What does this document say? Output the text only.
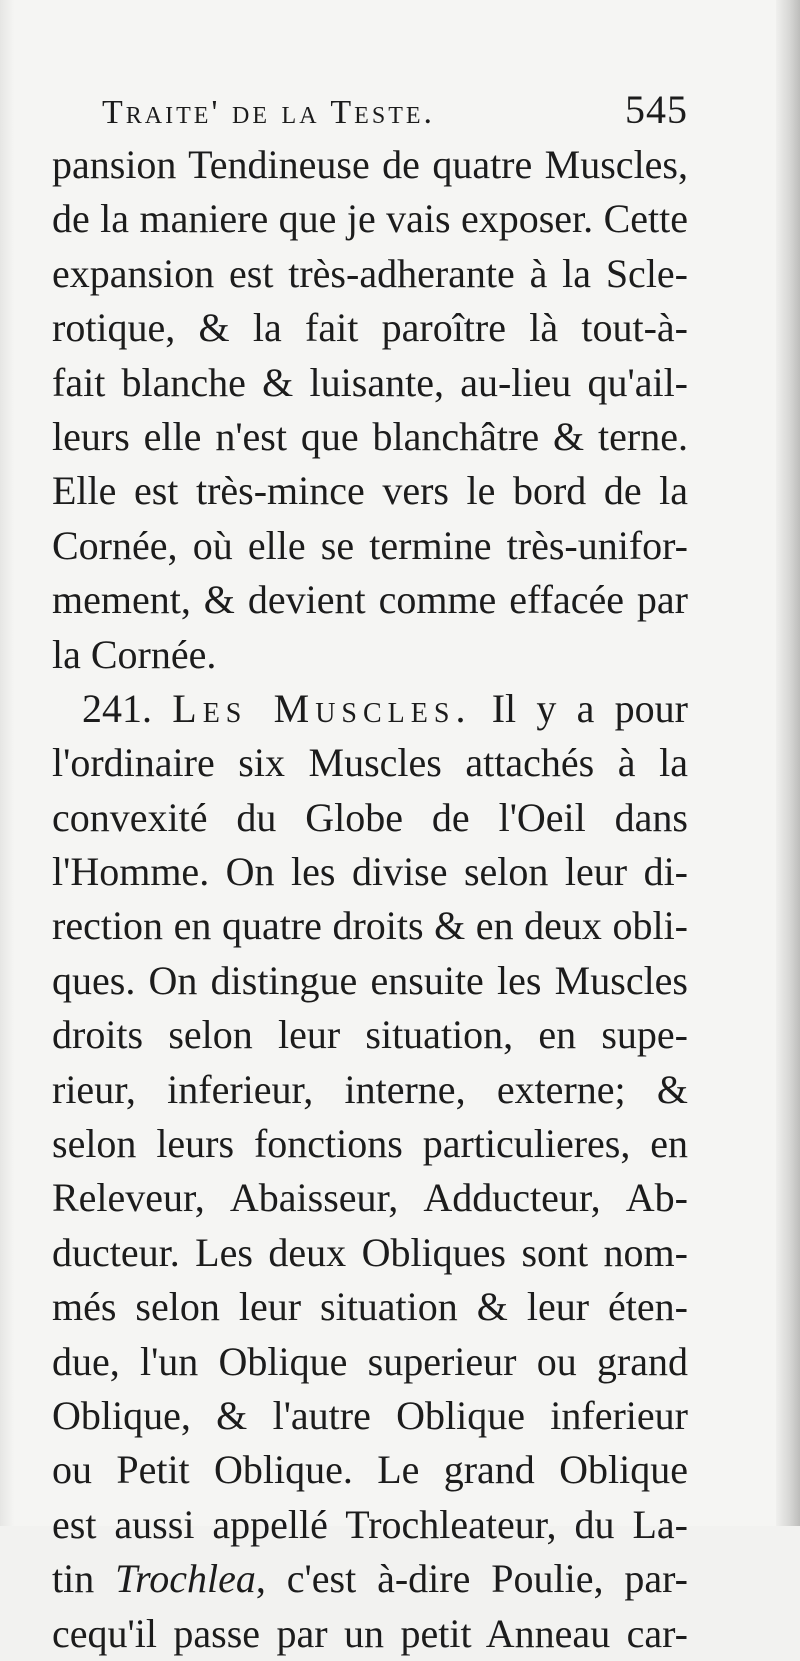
Traite' de la Teste.	545
pansion Tendineuse de quatre Muscles,
de la maniere que je vais exposer. Cette
expansion est très-adherante à la Scle-
rotique, & la fait paroître là tout-à-
fait blanche & luisante, au-lieu qu'ail-
leurs elle n'est que blanchâtre & terne.
Elle est très-mince vers le bord de la
Cornée, où elle se termine très-unifor-
mement, & devient comme effacée par
la Cornée.
241. Les Muscles. Il y a pour
l'ordinaire six Muscles attachés à la
convexité du Globe de l'Oeil dans
l'Homme. On les divise selon leur di-
rection en quatre droits & en deux obli-
ques. On distingue ensuite les Muscles
droits selon leur situation, en supe-
rieur, inferieur, interne, externe; &
selon leurs fonctions particulieres, en
Releveur, Abaisseur, Adducteur, Ab-
ducteur. Les deux Obliques sont nom-
més selon leur situation & leur éten-
due, l'un Oblique superieur ou grand
Oblique, & l'autre Oblique inferieur
ou Petit Oblique. Le grand Oblique
est aussi appellé Trochleateur, du La-
tin Trochlea, c'est à-dire Poulie, par-
cequ'il passe par un petit Anneau car-
